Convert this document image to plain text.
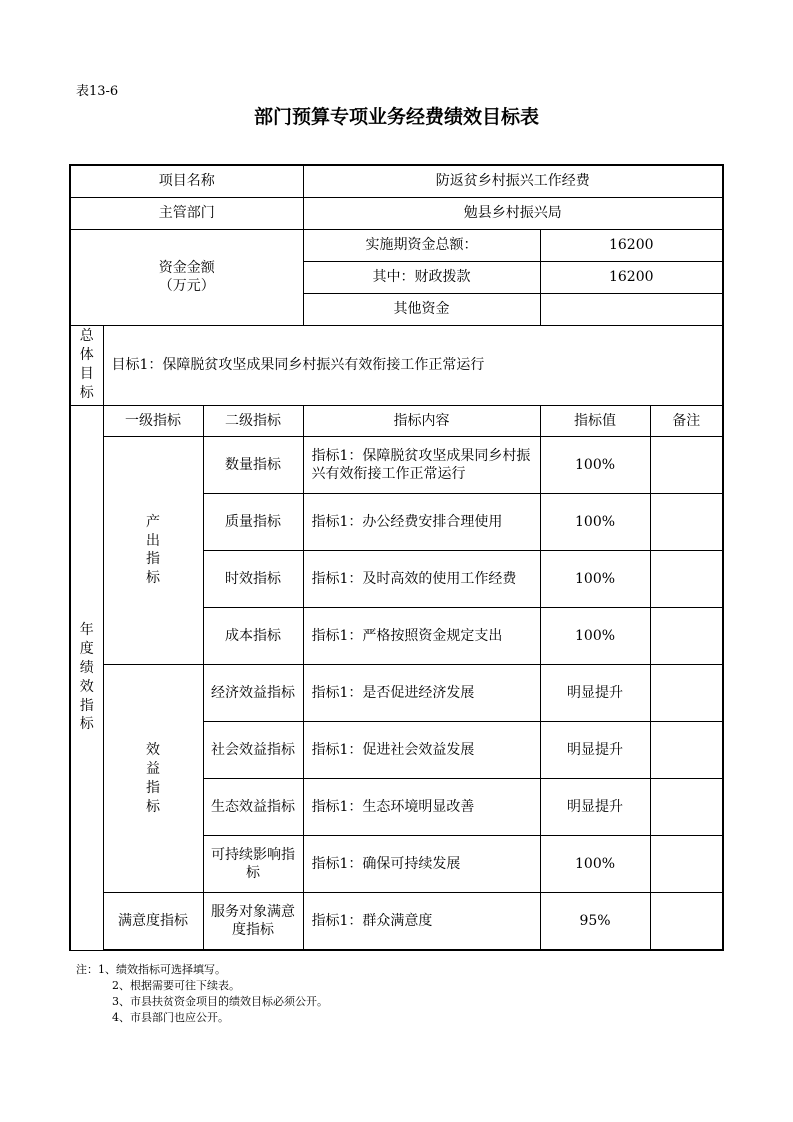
表13-6
部门预算专项业务经费绩效目标表
项目名称			防返贫乡村振兴工作经费		
主管部门			勉县乡村振兴局		

资金金额
（万元）			实施期资金总额：	16200	
			其中：财政拨款	16200	
			其他资金		
总体目标	目标1：保障脱贫攻坚成果同乡村振兴有效衔接工作正常运行				
年度绩效指标	一级指标	二级指标	指标内容	指标值	备注
	产出指标	数量指标	指标1：保障脱贫攻坚成果同乡村振兴有效衔接工作正常运行	100%	
		质量指标	指标1：办公经费安排合理使用	100%	
		时效指标	指标1：及时高效的使用工作经费	100%	
		成本指标	指标1：严格按照资金规定支出	100%	
	效益指标	经济效益指标	指标1：是否促进经济发展	明显提升	
		社会效益指标	指标1：促进社会效益发展	明显提升	
		生态效益指标	指标1：生态环境明显改善	明显提升	
		可持续影响指标	指标1：确保可持续发展	100%	
	满意度指标	服务对象满意度指标	指标1：群众满意度	95%	
注：1、绩效指标可选择填写。
2、根据需要可往下续表。
3、市县扶贫资金项目的绩效目标必须公开。
4、市县部门也应公开。
